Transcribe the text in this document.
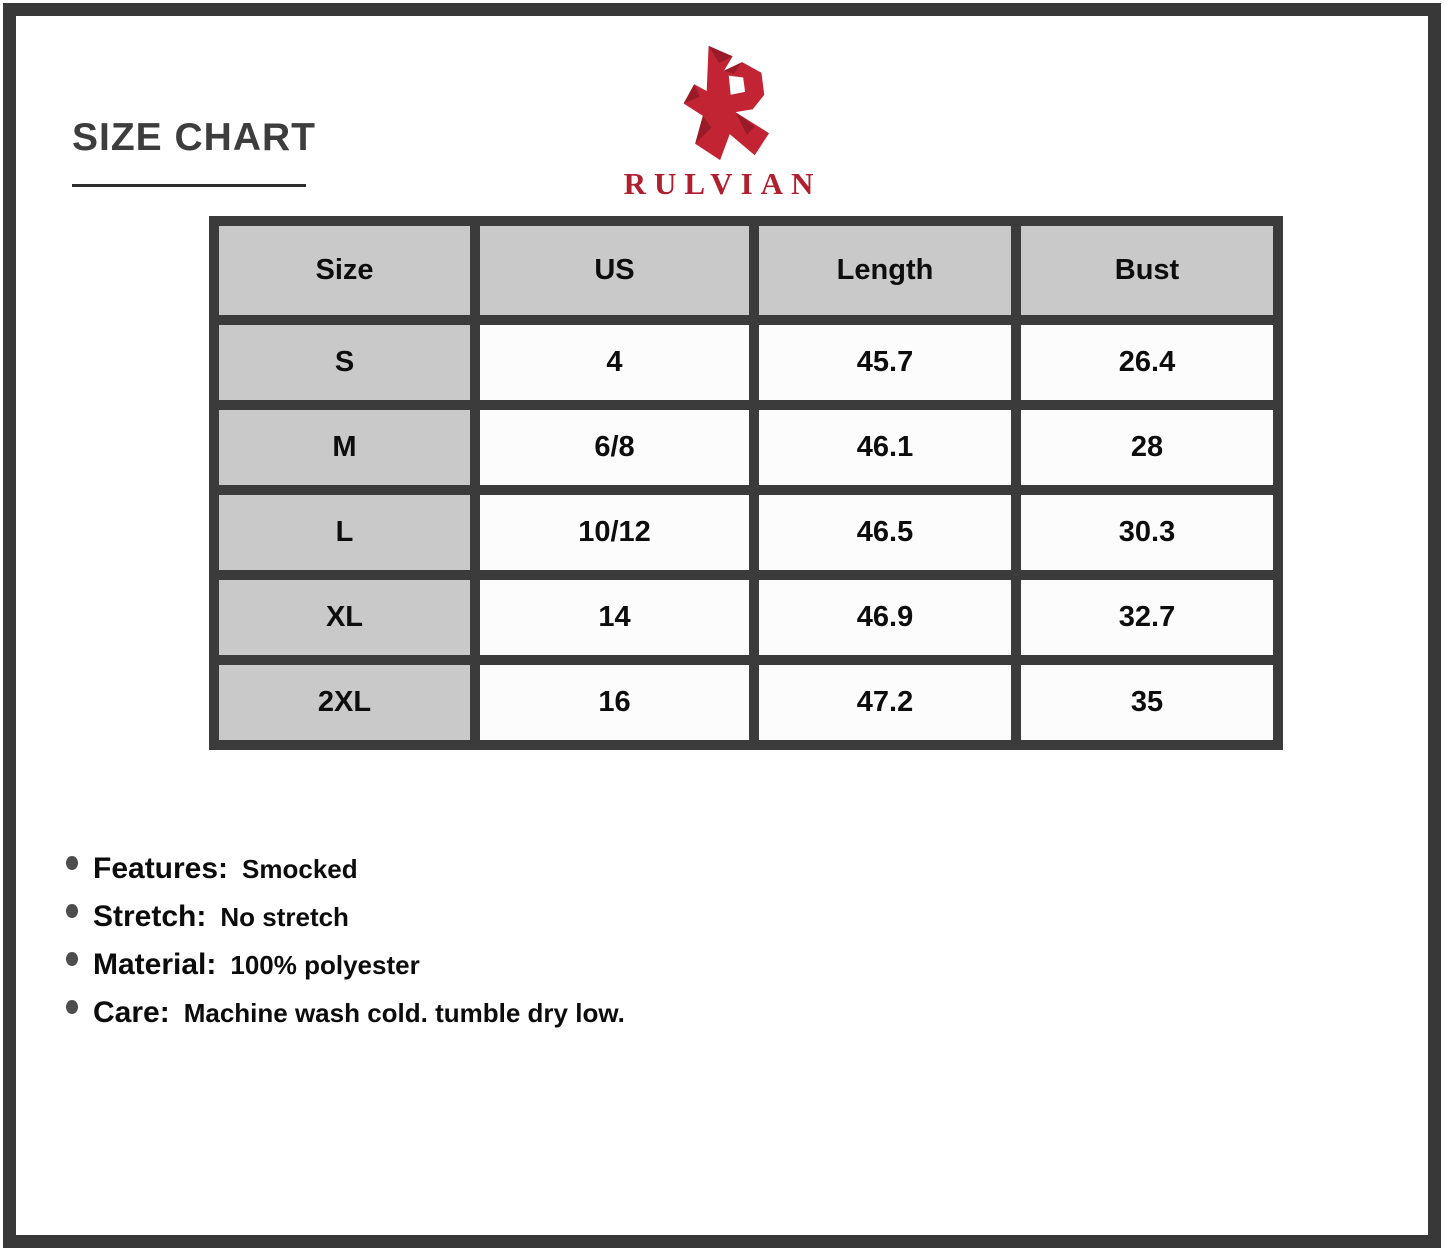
SIZE CHART
RULVIAN
Size	US	Length	Bust
S	4	45.7	26.4
M	6/8	46.1	28
L	10/12	46.5	30.3
XL	14	46.9	32.7
2XL	16	47.2	35
Features: Smocked
Stretch: No stretch
Material: 100% polyester
Care: Machine wash cold. tumble dry low.
